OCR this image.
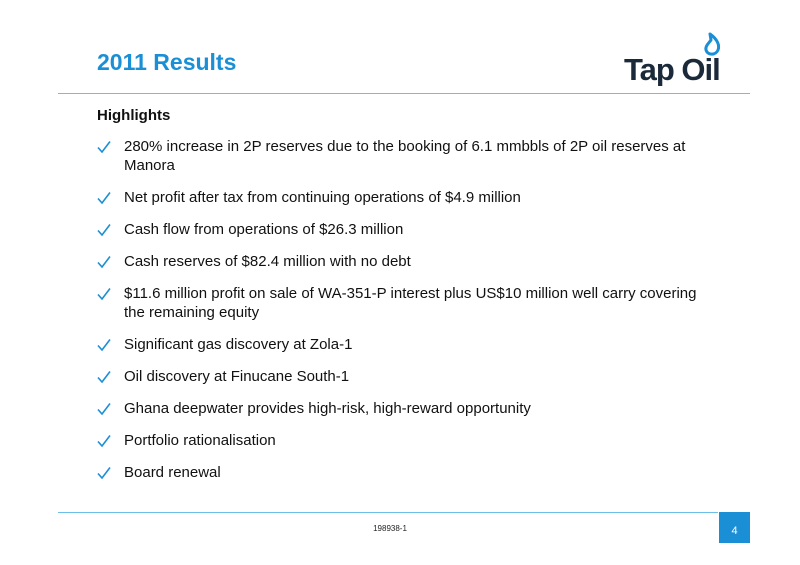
2011 Results	Tap Oil
Highlights
280% increase in 2P reserves due to the booking of 6.1 mmbbls of 2P oil reserves at Manora
Net profit after tax from continuing operations of $4.9 million
Cash flow from operations of $26.3 million
Cash reserves of $82.4 million with no debt
$11.6 million profit on sale of WA-351-P interest plus US$10 million well carry covering the remaining equity
Significant gas discovery at Zola-1
Oil discovery at Finucane South-1
Ghana deepwater provides high-risk, high-reward opportunity
Portfolio rationalisation
Board renewal
198938-1	4
